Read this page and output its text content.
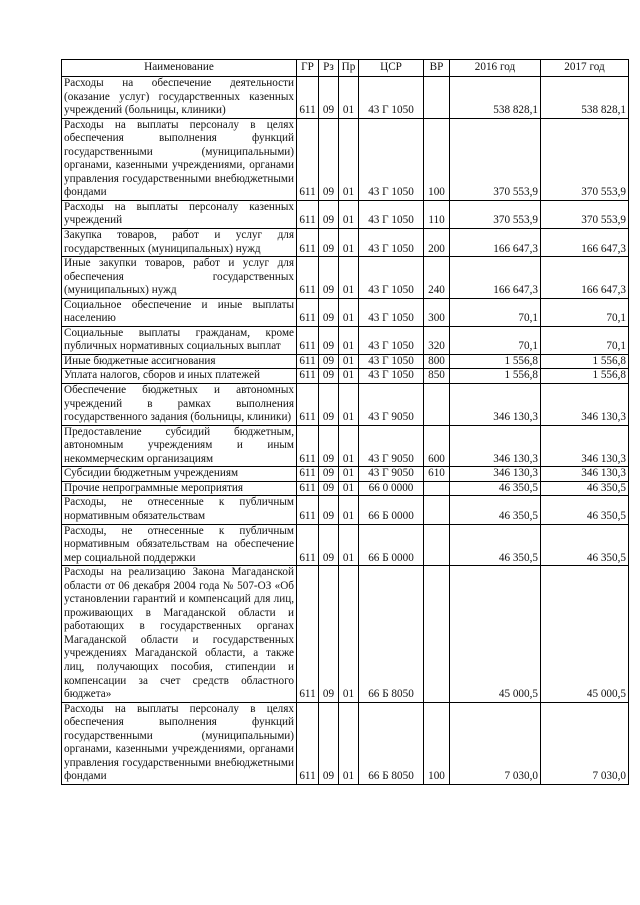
Наименование	ГР	Рз	Пр	ЦСР	ВР	2016 год	2017 год
Расходы на обеспечение деятельности (оказание услуг) государственных казенных учреждений (больницы, клиники)	611	09	01	43 Г 1050		538 828,1	538 828,1
Расходы на выплаты персоналу в целях обеспечения выполнения функций государственными (муниципальными) органами, казенными учреждениями, органами управления государственными внебюджетными фондами	611	09	01	43 Г 1050	100	370 553,9	370 553,9
Расходы на выплаты персоналу казенных учреждений	611	09	01	43 Г 1050	110	370 553,9	370 553,9
Закупка товаров, работ и услуг для государственных (муниципальных) нужд	611	09	01	43 Г 1050	200	166 647,3	166 647,3
Иные закупки товаров, работ и услуг для обеспечения государственных (муниципальных) нужд	611	09	01	43 Г 1050	240	166 647,3	166 647,3
Социальное обеспечение и иные выплаты населению	611	09	01	43 Г 1050	300	70,1	70,1
Социальные выплаты гражданам, кроме публичных нормативных социальных выплат	611	09	01	43 Г 1050	320	70,1	70,1
Иные бюджетные ассигнования	611	09	01	43 Г 1050	800	1 556,8	1 556,8
Уплата налогов, сборов и иных платежей	611	09	01	43 Г 1050	850	1 556,8	1 556,8
Обеспечение бюджетных и автономных учреждений в рамках выполнения государственного задания (больницы, клиники)	611	09	01	43 Г 9050		346 130,3	346 130,3
Предоставление субсидий бюджетным, автономным учреждениям и иным некоммерческим организациям	611	09	01	43 Г 9050	600	346 130,3	346 130,3
Субсидии бюджетным учреждениям	611	09	01	43 Г 9050	610	346 130,3	346 130,3
Прочие непрограммные мероприятия	611	09	01	66 0 0000		46 350,5	46 350,5
Расходы, не отнесенные к публичным нормативным обязательствам	611	09	01	66 Б 0000		46 350,5	46 350,5
Расходы, не отнесенные к публичным нормативным обязательствам на обеспечение мер социальной поддержки	611	09	01	66 Б 0000		46 350,5	46 350,5
Расходы на реализацию Закона Магаданской области от 06 декабря 2004 года № 507-ОЗ «Об установлении гарантий и компенсаций для лиц, проживающих в Магаданской области и работающих в государственных органах Магаданской области и государственных учреждениях Магаданской области, а также лиц, получающих пособия, стипендии и компенсации за счет средств областного бюджета»	611	09	01	66 Б 8050		45 000,5	45 000,5
Расходы на выплаты персоналу в целях обеспечения выполнения функций государственными (муниципальными) органами, казенными учреждениями, органами управления государственными внебюджетными фондами	611	09	01	66 Б 8050	100	7 030,0	7 030,0
